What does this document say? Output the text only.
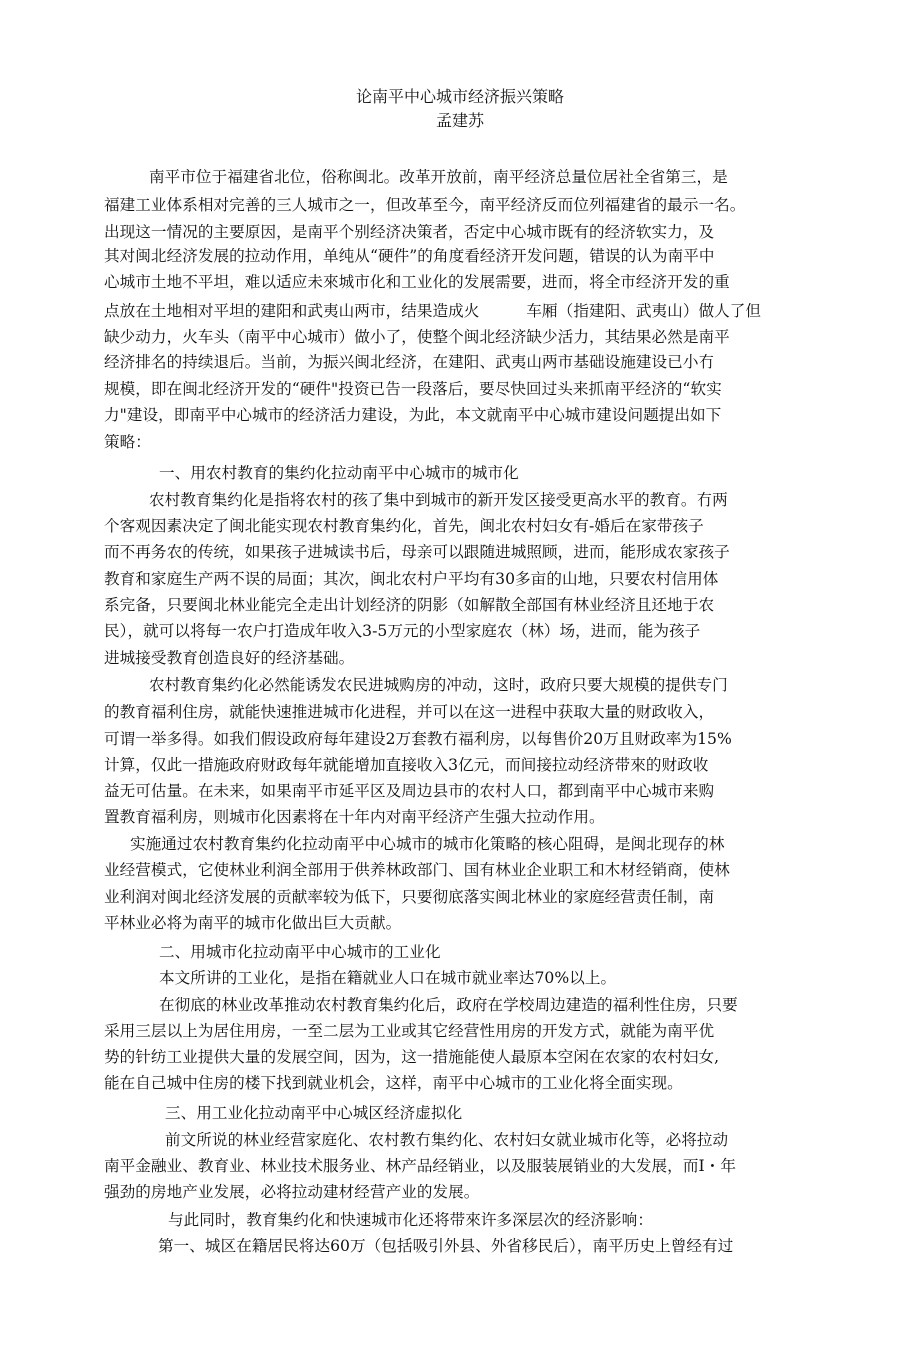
论南平中心城市经济振兴策略
孟建苏
南平市位于福建省北位，俗称闽北。改革开放前，南平经济总量位居社全省第三，是
福建工业体系相对完善的三人城市之一，但改革至今，南平经济反而位列福建省的最示一名。
出现这一情况的主要原因，是南平个别经济决策者，否定中心城市既有的经济软实力，及
其对闽北经济发展的拉动作用，单纯从“硬件”的角度看经济开发问题，错误的认为南平中
心城市土地不平坦，难以适应未來城市化和工业化的发展需要，进而，将全市经济开发的重
点放在土地相对平坦的建阳和武夷山两市，结果造成火　　　车厢（指建阳、武夷山）做人了但
缺少动力，火车头（南平中心城市）做小了，使整个闽北经济缺少活力，其结果必然是南平
经济排名的持续退后。当前，为振兴闽北经济，在建阳、武夷山两市基础设施建设已小冇
规模，即在闽北经济开发的“硬件"投资已告一段落后，要尽快回过头来抓南平经济的“软实
力"建设，即南平中心城市的经济活力建设，为此，本文就南平中心城市建设问题提出如下
策略：
一、用农村教育的集约化拉动南平中心城市的城市化
农村教育集约化是指将农村的孩了集中到城市的新开发区接受更高水平的教育。冇两
个客观因素决定了闽北能实现农村教育集约化，首先，闽北农村妇女有-婚后在家带孩子
而不再务农的传统，如果孩子进城读书后，母亲可以跟随进城照顾，进而，能形成农家孩子
教育和家庭生产两不误的局面；其次，闽北农村户平均有30多亩的山地，只要农村信用体
系完备，只要闽北林业能完全走出计划经济的阴影（如解散全部国有林业经济且还地于农
民），就可以将每一农户打造成年收入3-5万元的小型家庭农（林）场，进而，能为孩子
进城接受教育创造良好的经济基础。
农村教育集约化必然能诱发农民进城购房的冲动，这时，政府只要大规模的提供专门
的教育福利住房，就能快速推进城市化进程，并可以在这一进程中获取大量的财政收入，
可谓一举多得。如我们假设政府每年建设2万套教冇福利房，以每售价20万且财政率为15%
计算，仅此一措施政府财政每年就能增加直接收入3亿元，而间接拉动经济带來的财政收
益无可估量。在未来，如果南平市延平区及周边县市的农村人口，都到南平中心城市来购
置教育福利房，则城市化因素将在十年内对南平经济产生强大拉动作用。
实施通过农村教育集约化拉动南平中心城市的城市化策略的核心阻碍，是闽北现存的林
业经营模式，它使林业利润全部用于供养林政部门、国有林业企业职工和木材经销商，使林
业利润对闽北经济发展的贡献率较为低下，只要彻底落实闽北林业的家庭经营责任制，南
平林业必将为南平的城市化做出巨大贡献。
二、用城市化拉动南平中心城市的工业化
本文所讲的工业化，是指在籍就业人口在城市就业率达70%以上。
在彻底的林业改革推动农村教育集约化后，政府在学校周边建造的福利性住房，只要
采用三层以上为居住用房，一至二层为工业或其它经营性用房的开发方式，就能为南平优
势的针纺工业提供大量的发展空间，因为，这一措施能使人最原本空闲在农家的农村妇女,
能在自己城中住房的楼下找到就业机会，这样，南平中心城市的工业化将全面实现。
三、用工业化拉动南平中心城区经济虚拟化
前文所说的林业经营家庭化、农村教冇集约化、农村妇女就业城市化等，必将拉动
南平金融业、教育业、林业技术服务业、林产品经销业，以及服装展销业的大发展，而I・年
强劲的房地产业发展，必将拉动建材经营产业的发展。
与此同时，教育集约化和快速城市化还将带來许多深层次的经济影响：
第一、城区在籍居民将达60万（包括吸引外县、外省移民后），南平历史上曾经有过
